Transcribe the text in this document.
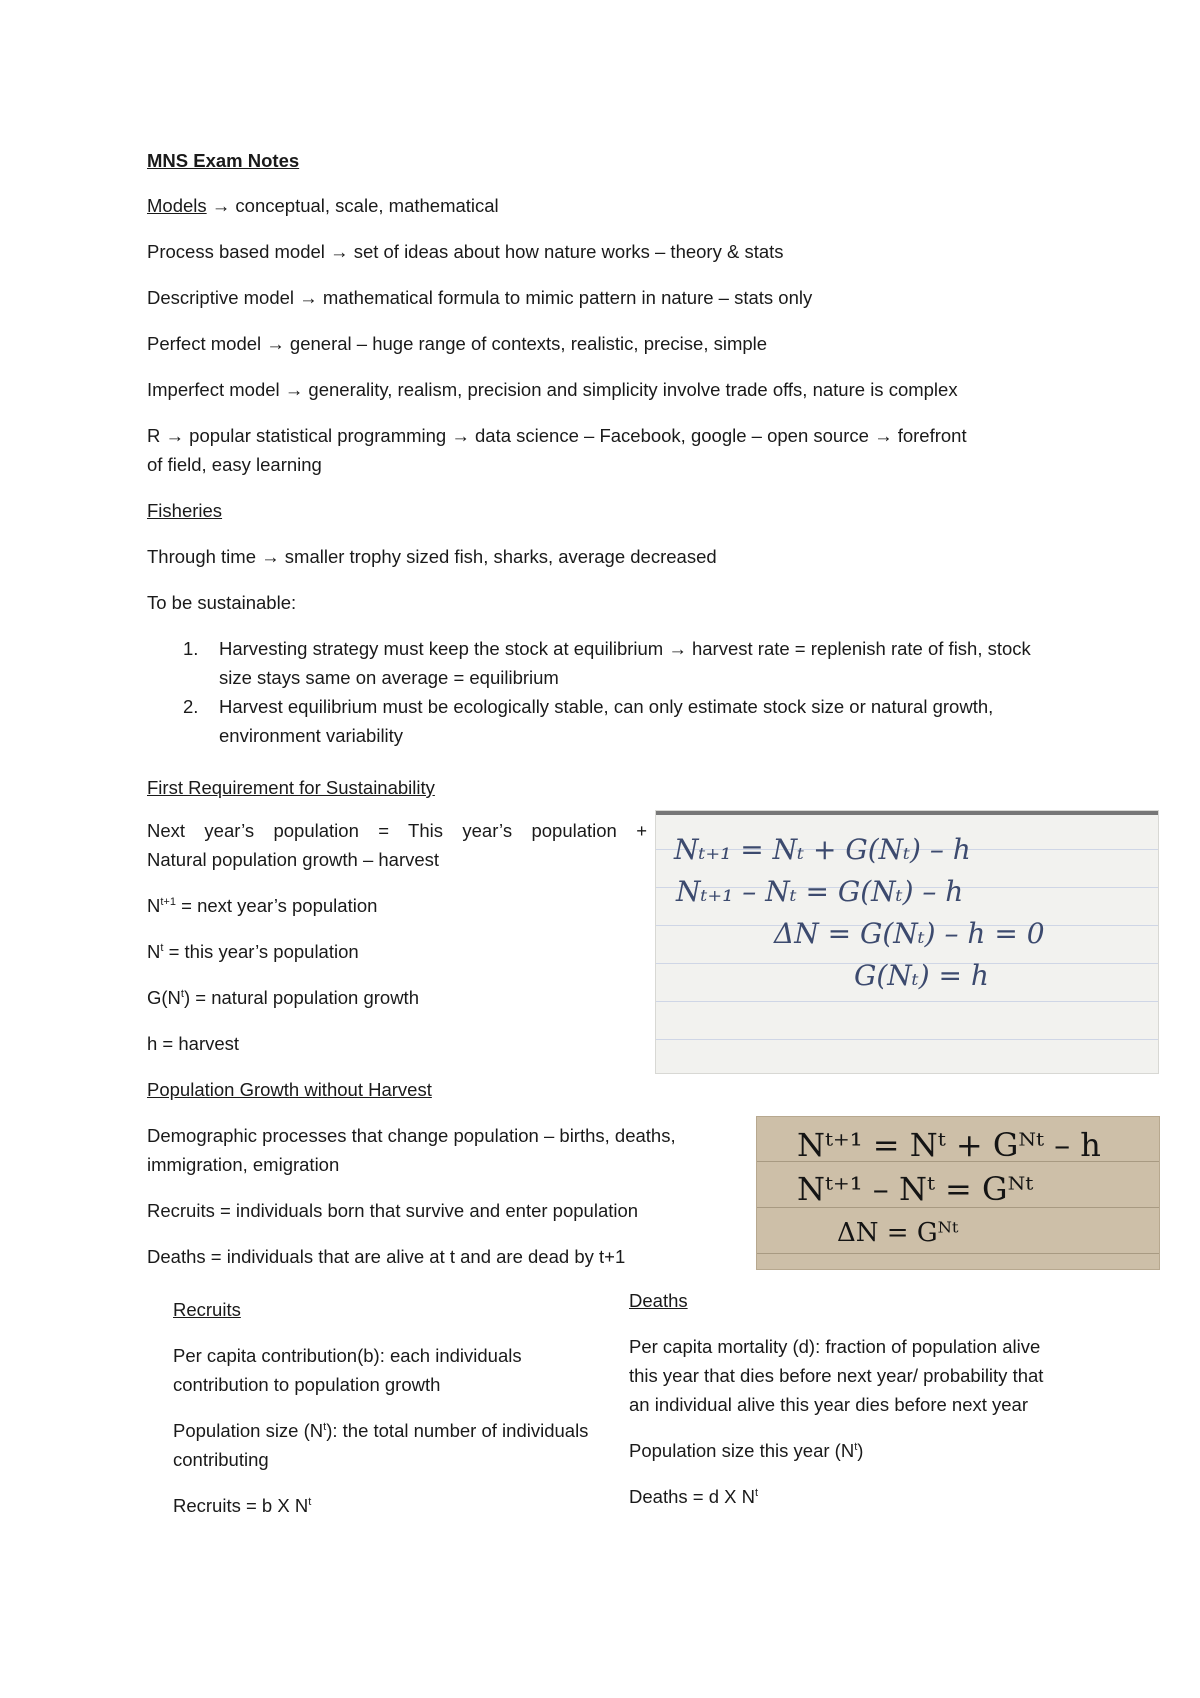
MNS Exam Notes
Models → conceptual, scale, mathematical
Process based model → set of ideas about how nature works – theory & stats
Descriptive model → mathematical formula to mimic pattern in nature – stats only
Perfect model → general – huge range of contexts, realistic, precise, simple
Imperfect model → generality, realism, precision and simplicity involve trade offs, nature is complex
R → popular statistical programming → data science – Facebook, google – open source → forefront
of field, easy learning
Fisheries
Through time → smaller trophy sized fish, sharks, average decreased
To be sustainable:
1. Harvesting strategy must keep the stock at equilibrium → harvest rate = replenish rate of fish, stock size stays same on average = equilibrium
2. Harvest equilibrium must be ecologically stable, can only estimate stock size or natural growth, environment variability
First Requirement for Sustainability
Next year’s population = This year’s population +
Natural population growth – harvest
$N^{t+1}$ = next year’s population
$N^t$ = this year’s population
$G(N^t)$ = natural population growth
h = harvest
Nₜ₊₁ = Nₜ + G(Nₜ) – h
Nₜ₊₁ – Nₜ = G(Nₜ) – h
ΔN = G(Nₜ) – h = 0
G(Nₜ) = h
Population Growth without Harvest
Demographic processes that change population – births, deaths,
immigration, emigration
Recruits = individuals born that survive and enter population
Deaths = individuals that are alive at t and are dead by t+1
Nᵗ⁺¹ = Nᵗ + Gᴺᵗ – h
Nᵗ⁺¹ – Nᵗ = Gᴺᵗ
ΔN = Gᴺᵗ

Recruits

Per capita contribution(b): each individuals contribution to population growth

Population size $(N^t)$: the total number of individuals contributing

Recruits = b X $N^t$

Deaths

Per capita mortality (d): fraction of population alive this year that dies before next year/ probability that an individual alive this year dies before next year

Population size this year $(N^t)$

Deaths = d X $N^t$
